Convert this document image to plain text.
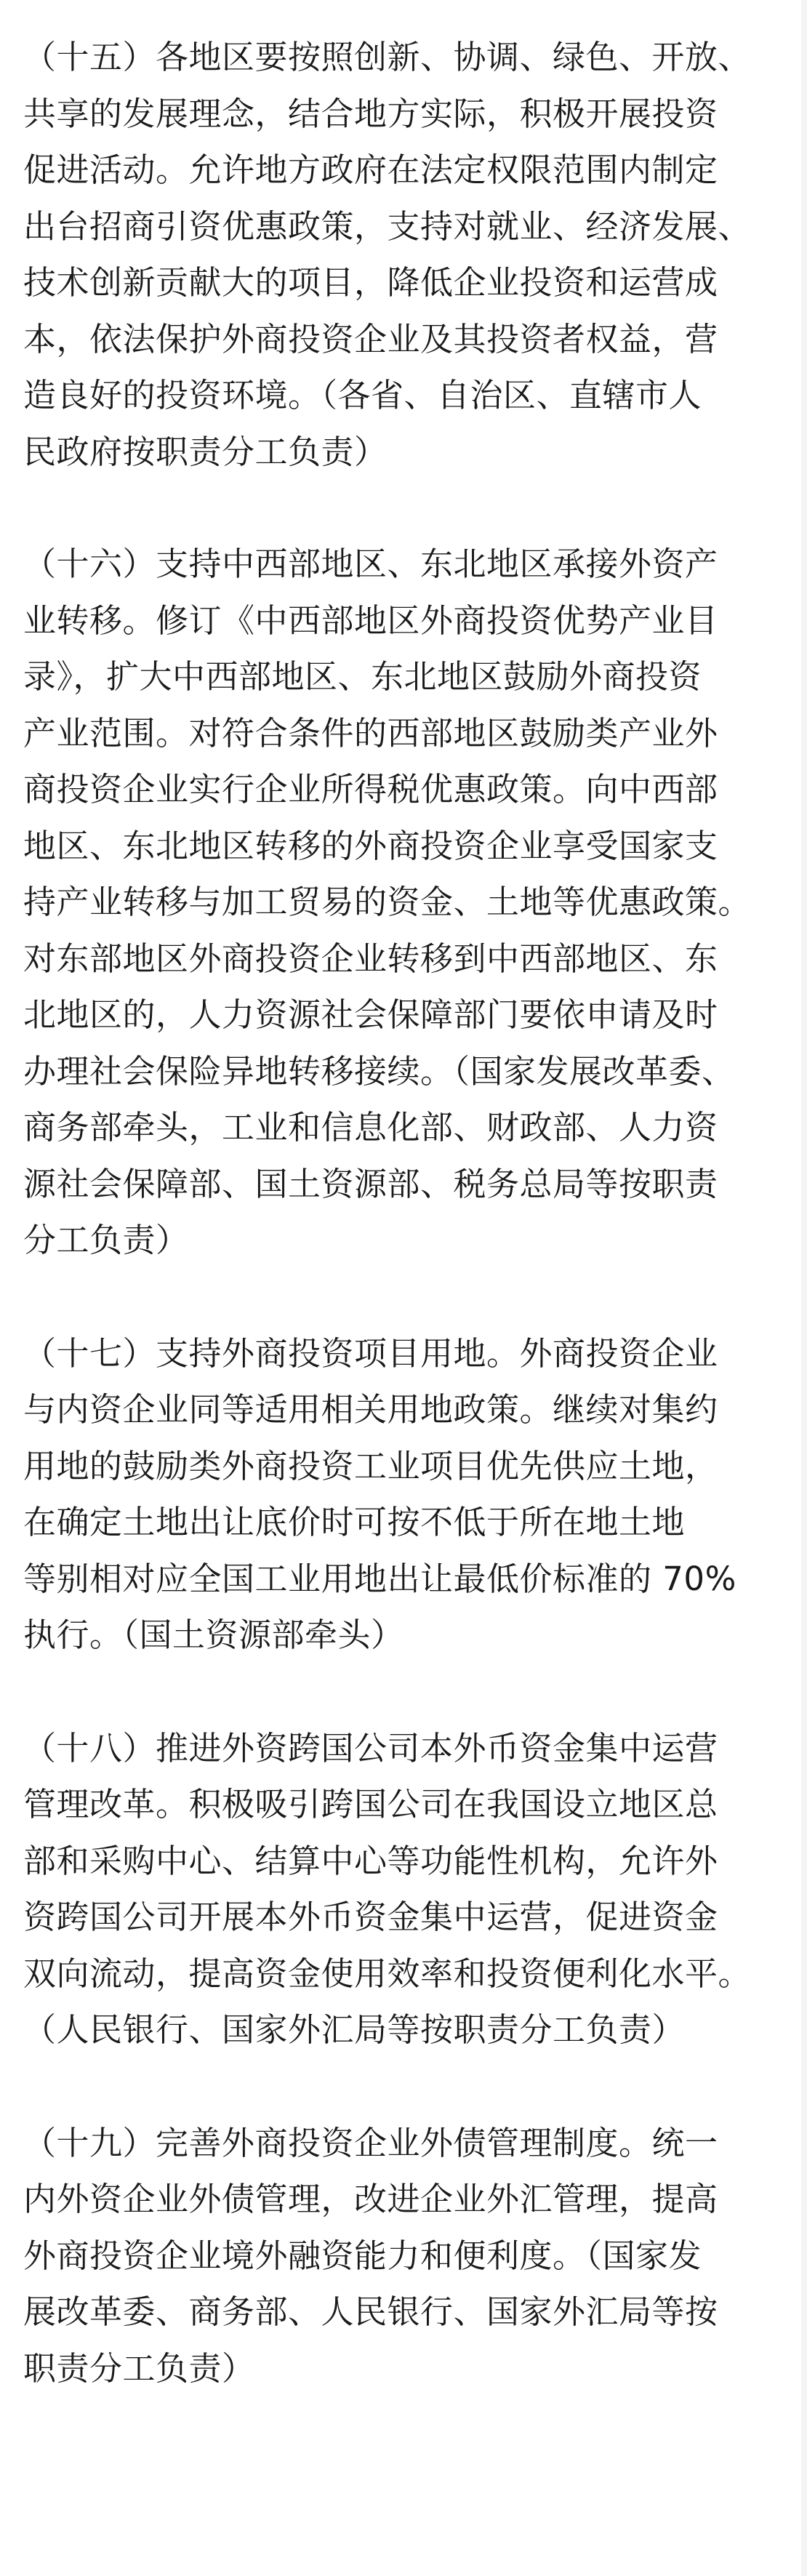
（十五）各地区要按照创新、协调、绿色、开放、
共享的发展理念，结合地方实际，积极开展投资
促进活动。允许地方政府在法定权限范围内制定
出台招商引资优惠政策，支持对就业、经济发展、
技术创新贡献大的项目，降低企业投资和运营成
本，依法保护外商投资企业及其投资者权益，营
造良好的投资环境。（各省、自治区、直辖市人
民政府按职责分工负责）

（十六）支持中西部地区、东北地区承接外资产
业转移。修订《中西部地区外商投资优势产业目
录》，扩大中西部地区、东北地区鼓励外商投资
产业范围。对符合条件的西部地区鼓励类产业外
商投资企业实行企业所得税优惠政策。向中西部
地区、东北地区转移的外商投资企业享受国家支
持产业转移与加工贸易的资金、土地等优惠政策。
对东部地区外商投资企业转移到中西部地区、东
北地区的，人力资源社会保障部门要依申请及时
办理社会保险异地转移接续。（国家发展改革委、
商务部牵头，工业和信息化部、财政部、人力资
源社会保障部、国土资源部、税务总局等按职责
分工负责）

（十七）支持外商投资项目用地。外商投资企业
与内资企业同等适用相关用地政策。继续对集约
用地的鼓励类外商投资工业项目优先供应土地，
在确定土地出让底价时可按不低于所在地土地
等别相对应全国工业用地出让最低价标准的 70%
执行。（国土资源部牵头）

（十八）推进外资跨国公司本外币资金集中运营
管理改革。积极吸引跨国公司在我国设立地区总
部和采购中心、结算中心等功能性机构，允许外
资跨国公司开展本外币资金集中运营，促进资金
双向流动，提高资金使用效率和投资便利化水平。
（人民银行、国家外汇局等按职责分工负责）

（十九）完善外商投资企业外债管理制度。统一
内外资企业外债管理，改进企业外汇管理，提高
外商投资企业境外融资能力和便利度。（国家发
展改革委、商务部、人民银行、国家外汇局等按
职责分工负责）
